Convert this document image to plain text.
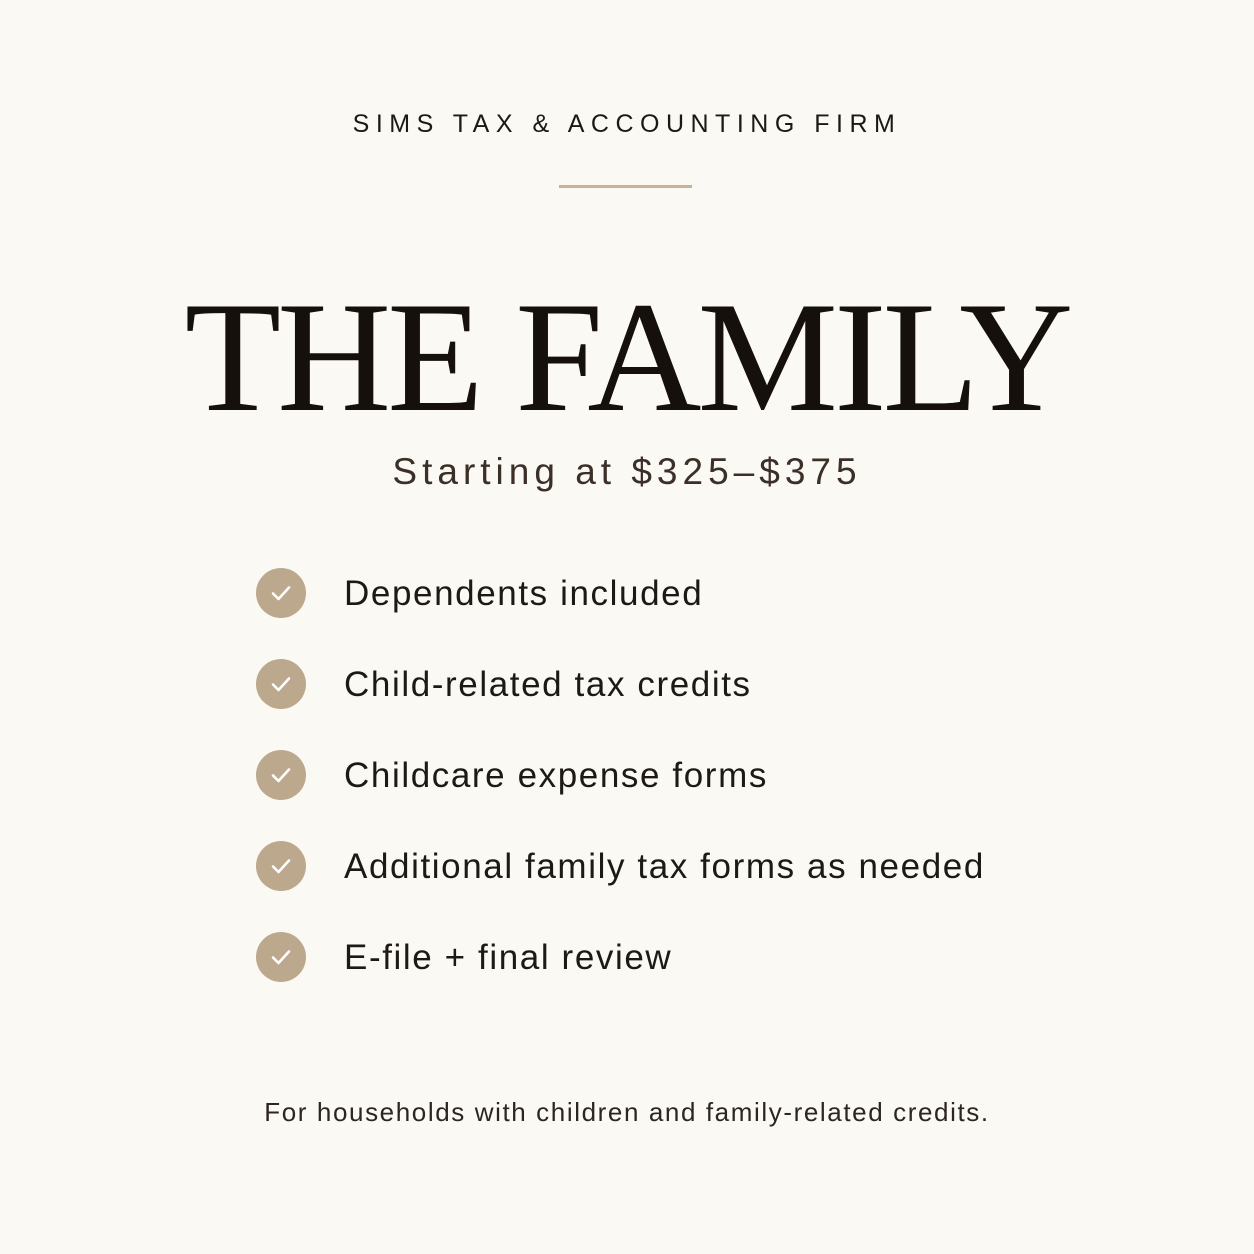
SIMS TAX & ACCOUNTING FIRM
THE FAMILY
Starting at $325–$375
Dependents included
Child-related tax credits
Childcare expense forms
Additional family tax forms as needed
E-file + final review
For households with children and family-related credits.
